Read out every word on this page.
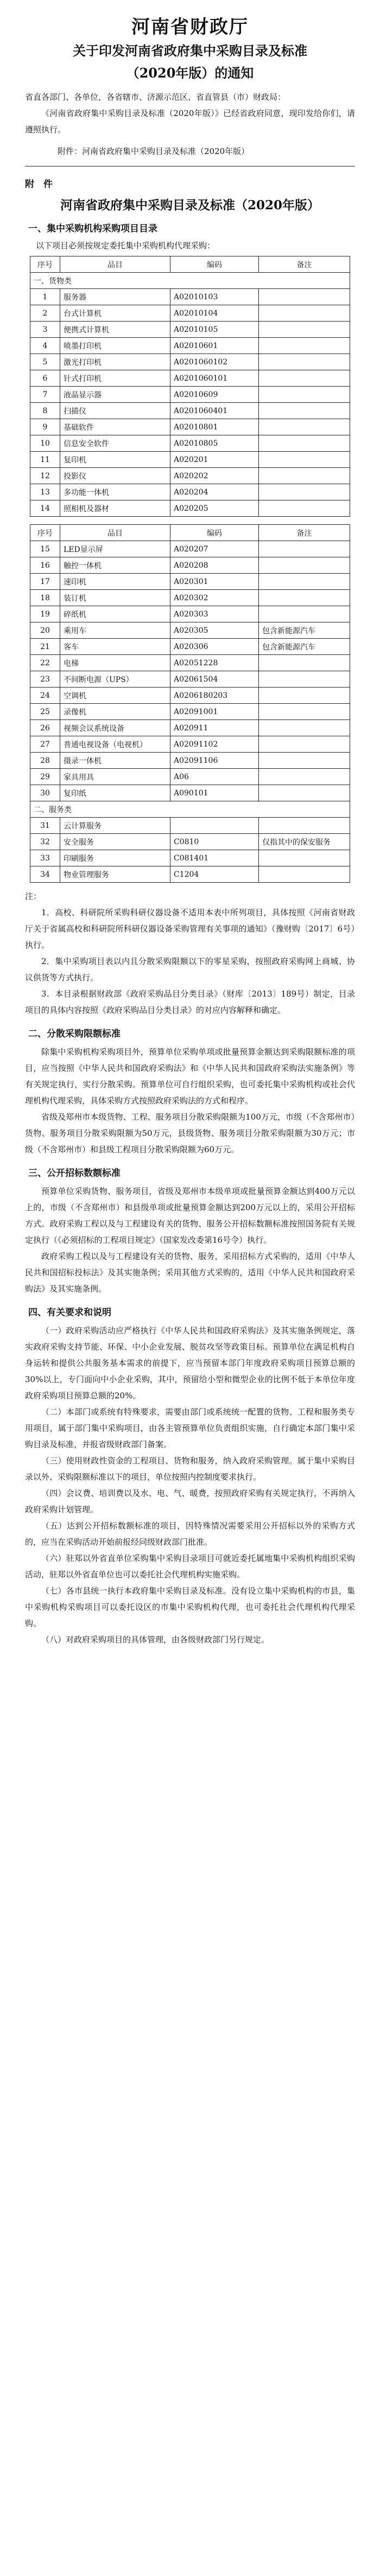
河南省财政厅
关于印发河南省政府集中采购目录及标准
（2020年版）的通知

省直各部门、各单位，各省辖市、济源示范区、省直管县（市）财政局：

《河南省政府集中采购目录及标准（2020年版）》已经省政府同意，现印发给你们，请遵照执行。

附件：河南省政府集中采购目录及标准（2020年版）

附　件
河南省政府集中采购目录及标准（2020年版）
一、集中采购机构采购项目目录
以下项目必须按规定委托集中采购机构代理采购：
序号	品目	编码	备注
一、货物类			
1	服务器	A02010103	
2	台式计算机	A02010104	
3	便携式计算机	A02010105	
4	喷墨打印机	A02010601	
5	激光打印机	A0201060102	
6	针式打印机	A0201060101	
7	液晶显示器	A02010609	
8	扫描仪	A0201060401	
9	基础软件	A02010801	
10	信息安全软件	A02010805	
11	复印机	A020201	
12	投影仪	A020202	
13	多功能一体机	A020204	
14	照相机及器材	A020205	
序号	品目	编码	备注
15	LED显示屏	A020207	
16	触控一体机	A020208	
17	速印机	A020301	
18	装订机	A020302	
19	碎纸机	A020303	
20	乘用车	A020305	包含新能源汽车
21	客车	A020306	包含新能源汽车
22	电梯	A02051228	
23	不间断电源（UPS）	A02061504	
24	空调机	A0206180203	
25	录像机	A02091001	
26	视频会议系统设备	A020911	
27	普通电视设备（电视机）	A02091102	
28	摄录一体机	A02091106	
29	家具用具	A06	
30	复印纸	A090101	
二、服务类			
31	云计算服务		
32	安全服务	C0810	仅指其中的保安服务
33	印刷服务	C081401	
34	物业管理服务	C1204	
注：

1．高校、科研院所采购科研仪器设备不适用本表中所列项目，具体按照《河南省财政厅关于省属高校和科研院所科研仪器设备采购管理有关事项的通知》（豫财购〔2017〕6号）执行。

2．集中采购项目表以内且分散采购限额以下的零星采购，按照政府采购网上商城、协议供货等方式执行。

3．本目录根据财政部《政府采购品目分类目录》（财库〔2013〕189号）制定，目录项目的具体内容按照《政府采购品目分类目录》的对应内容解释和确定。

二、分散采购限额标准

除集中采购机构采购项目外，预算单位采购单项或批量预算金额达到采购限额标准的项目，应当按照《中华人民共和国政府采购法》和《中华人民共和国政府采购法实施条例》等有关规定执行，实行分散采购。预算单位可自行组织采购，也可委托集中采购机构或社会代理机构代理采购，具体采购方式按照政府采购法的方式和程序。

省级及郑州市本级货物、工程、服务项目分散采购限额为100万元，市级（不含郑州市）货物、服务项目分散采购限额为50万元，县级货物、服务项目分散采购限额为30万元；市级（不含郑州市）和县级工程项目分散采购限额为60万元。

三、公开招标数额标准

预算单位采购货物、服务项目，省级及郑州市本级单项或批量预算金额达到400万元以上的，市级（不含郑州市）和县级单项或批量预算金额达到200万元以上的，采用公开招标方式。政府采购工程以及与工程建设有关的货物、服务公开招标数额标准按照国务院有关规定执行（《必须招标的工程项目规定》（国家发改委第16号令）执行。

政府采购工程以及与工程建设有关的货物、服务，采用招标方式采购的，适用《中华人民共和国招标投标法》及其实施条例；采用其他方式采购的，适用《中华人民共和国政府采购法》及其实施条例。

四、有关要求和说明

（一）政府采购活动应严格执行《中华人民共和国政府采购法》及其实施条例规定，落实政府采购支持节能、环保、中小企业发展、脱贫攻坚等政策目标。预算单位在满足机构自身运转和提供公共服务基本需求的前提下，应当预留本部门年度政府采购项目预算总额的30%以上，专门面向中小企业采购，其中，预留给小型和微型企业的比例不低于本单位年度政府采购项目预算总额的20%。

（二）本部门或系统有特殊要求，需要由部门或系统统一配置的货物、工程和服务类专用项目，属于部门集中采购项目，由各主管预算单位负责组织实施，自行确定本部门集中采购目录及标准，并报省级财政部门备案。

（三）使用财政性资金的工程项目、货物和服务，纳入政府采购管理。属于集中采购目录以外、采购限额标准以下的项目，单位按照内控制度要求执行。

（四）会议费、培训费以及水、电、气、暖费，按照政府采购有关规定执行，不再纳入政府采购计划管理。

（五）达到公开招标数额标准的项目，因特殊情况需要采用公开招标以外的采购方式的，应当在采购活动开始前报经同级财政部门批准。

（六）驻郑以外省直单位采购集中采购目录项目可就近委托属地集中采购机构组织采购活动，驻郑以外省直单位也可以委托社会代理机构实施采购。

（七）各市县统一执行本政府集中采购目录及标准。没有设立集中采购机构的市县，集中采购机构采购项目可以委托设区的市集中采购机构代理，也可委托社会代理机构代理采购。

（八）对政府采购项目的具体管理，由各级财政部门另行规定。
